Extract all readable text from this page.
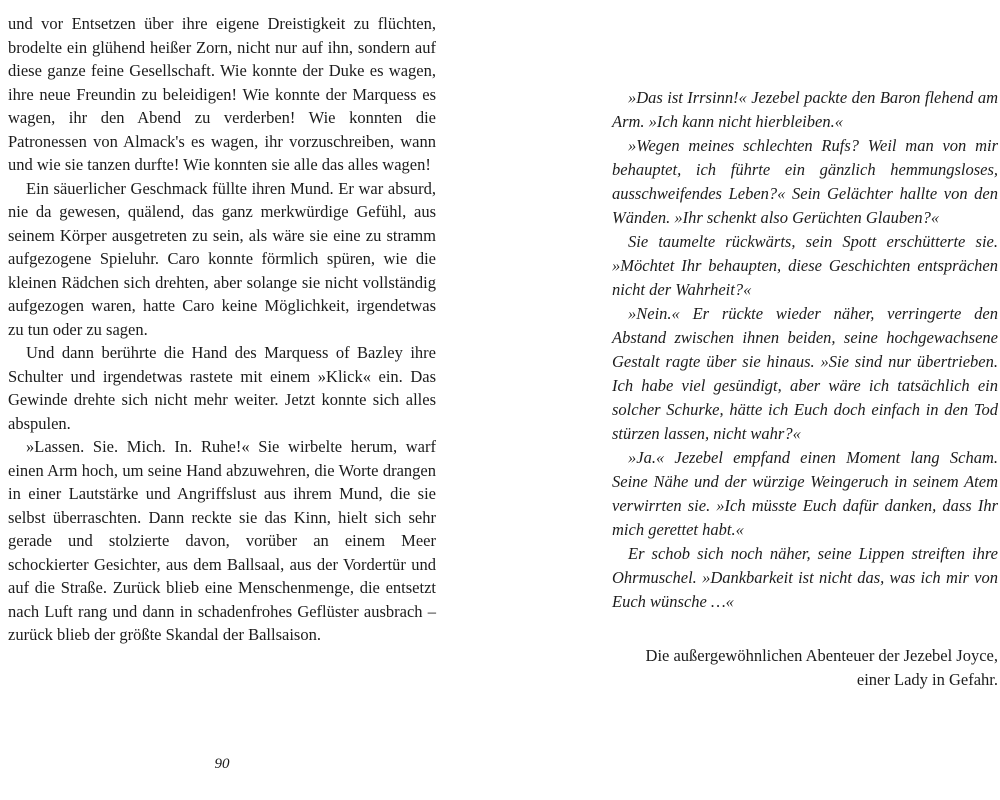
und vor Entsetzen über ihre eigene Dreistigkeit zu flüchten, brodelte ein glühend heißer Zorn, nicht nur auf ihn, sondern auf diese ganze feine Gesellschaft. Wie konnte der Duke es wagen, ihre neue Freundin zu beleidigen! Wie konnte der Marquess es wagen, ihr den Abend zu verderben! Wie konnten die Patronessen von Almack's es wagen, ihr vorzuschreiben, wann und wie sie tanzen durfte! Wie konnten sie alle das alles wagen!

Ein säuerlicher Geschmack füllte ihren Mund. Er war absurd, nie da gewesen, quälend, das ganz merkwürdige Gefühl, aus seinem Körper ausgetreten zu sein, als wäre sie eine zu stramm aufgezogene Spieluhr. Caro konnte förmlich spüren, wie die kleinen Rädchen sich drehten, aber solange sie nicht vollständig aufgezogen waren, hatte Caro keine Möglichkeit, irgendetwas zu tun oder zu sagen.

Und dann berührte die Hand des Marquess of Bazley ihre Schulter und irgendetwas rastete mit einem »Klick« ein. Das Gewinde drehte sich nicht mehr weiter. Jetzt konnte sich alles abspulen.

»Lassen. Sie. Mich. In. Ruhe!« Sie wirbelte herum, warf einen Arm hoch, um seine Hand abzuwehren, die Worte drangen in einer Lautstärke und Angriffslust aus ihrem Mund, die sie selbst überraschten. Dann reckte sie das Kinn, hielt sich sehr gerade und stolzierte davon, vorüber an einem Meer schockierter Gesichter, aus dem Ballsaal, aus der Vordertür und auf die Straße. Zurück blieb eine Menschenmenge, die entsetzt nach Luft rang und dann in schadenfrohes Geflüster ausbrach – zurück blieb der größte Skandal der Ballsaison.

»Das ist Irrsinn!« Jezebel packte den Baron flehend am Arm. »Ich kann nicht hierbleiben.«

»Wegen meines schlechten Rufs? Weil man von mir behauptet, ich führte ein gänzlich hemmungsloses, ausschweifendes Leben?« Sein Gelächter hallte von den Wänden. »Ihr schenkt also Gerüchten Glauben?«

Sie taumelte rückwärts, sein Spott erschütterte sie. »Möchtet Ihr behaupten, diese Geschichten entsprächen nicht der Wahrheit?«

»Nein.« Er rückte wieder näher, verringerte den Abstand zwischen ihnen beiden, seine hochgewachsene Gestalt ragte über sie hinaus. »Sie sind nur übertrieben. Ich habe viel gesündigt, aber wäre ich tatsächlich ein solcher Schurke, hätte ich Euch doch einfach in den Tod stürzen lassen, nicht wahr?«

»Ja.« Jezebel empfand einen Moment lang Scham. Seine Nähe und der würzige Weingeruch in seinem Atem verwirrten sie. »Ich müsste Euch dafür danken, dass Ihr mich gerettet habt.«

Er schob sich noch näher, seine Lippen streiften ihre Ohrmuschel. »Dankbarkeit ist nicht das, was ich mir von Euch wünsche …«

Die außergewöhnlichen Abenteuer der Jezebel Joyce, einer Lady in Gefahr.
90
